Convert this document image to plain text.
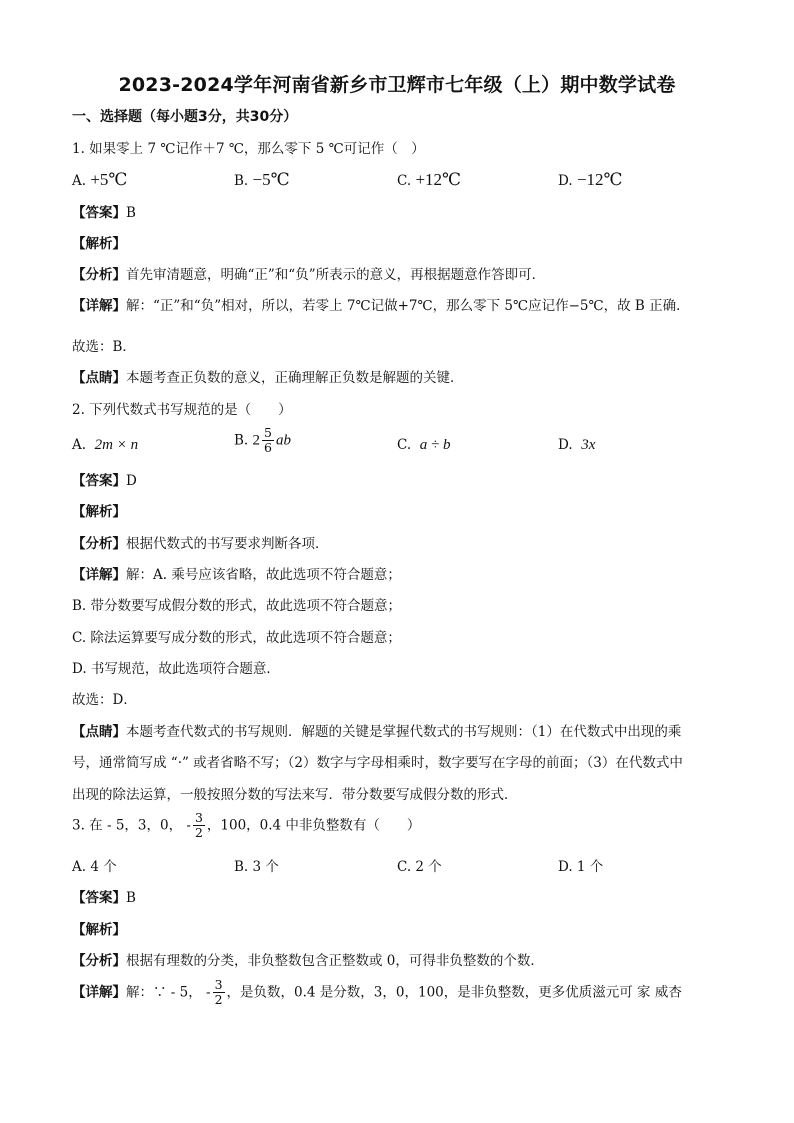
2023-2024学年河南省新乡市卫辉市七年级（上）期中数学试卷
一、选择题（每小题3分，共30分）
1. 如果零上 7 ℃记作＋7 ℃，那么零下 5 ℃可记作（　）
A. +5℃	B. −5℃	C. +12℃	D. −12℃
【答案】B
【解析】
【分析】首先审清题意，明确“正”和“负”所表示的意义，再根据题意作答即可．
【详解】解：“正”和“负”相对，所以，若零上 7℃记做+7℃，那么零下 5℃应记作−5℃，故 B 正确．
故选：B．
【点睛】本题考查正负数的意义，正确理解正负数是解题的关键．
2. 下列代数式书写规范的是（　　）
A. 2m × n	B. $2 \frac{5}{6}$ ab	C. a ÷ b	D. 3x
【答案】D
【解析】
【分析】根据代数式的书写要求判断各项．
【详解】解：A. 乘号应该省略，故此选项不符合题意；
B. 带分数要写成假分数的形式，故此选项不符合题意；
C. 除法运算要写成分数的形式，故此选项不符合题意；
D. 书写规范，故此选项符合题意．
故选：D．
【点睛】本题考查代数式的书写规则．解题的关键是掌握代数式的书写规则：（1）在代数式中出现的乘
号，通常简写成 “·” 或者省略不写；（2）数字与字母相乘时，数字要写在字母的前面；（3）在代数式中
出现的除法运算，一般按照分数的写法来写．带分数要写成假分数的形式．
3. 在 - 5，3，0， - $\frac{3}{2}$ ，100，0.4 中非负整数有（　　）
A. 4 个	B. 3 个	C. 2 个	D. 1 个
【答案】B
【解析】
【分析】根据有理数的分类，非负整数包含正整数或 0，可得非负整数的个数．
【详解】解：∵ - 5， - $\frac{3}{2}$ ，是负数，0.4 是分数，3，0，100，是非负整数，更多优质滋元可 家 威杏
